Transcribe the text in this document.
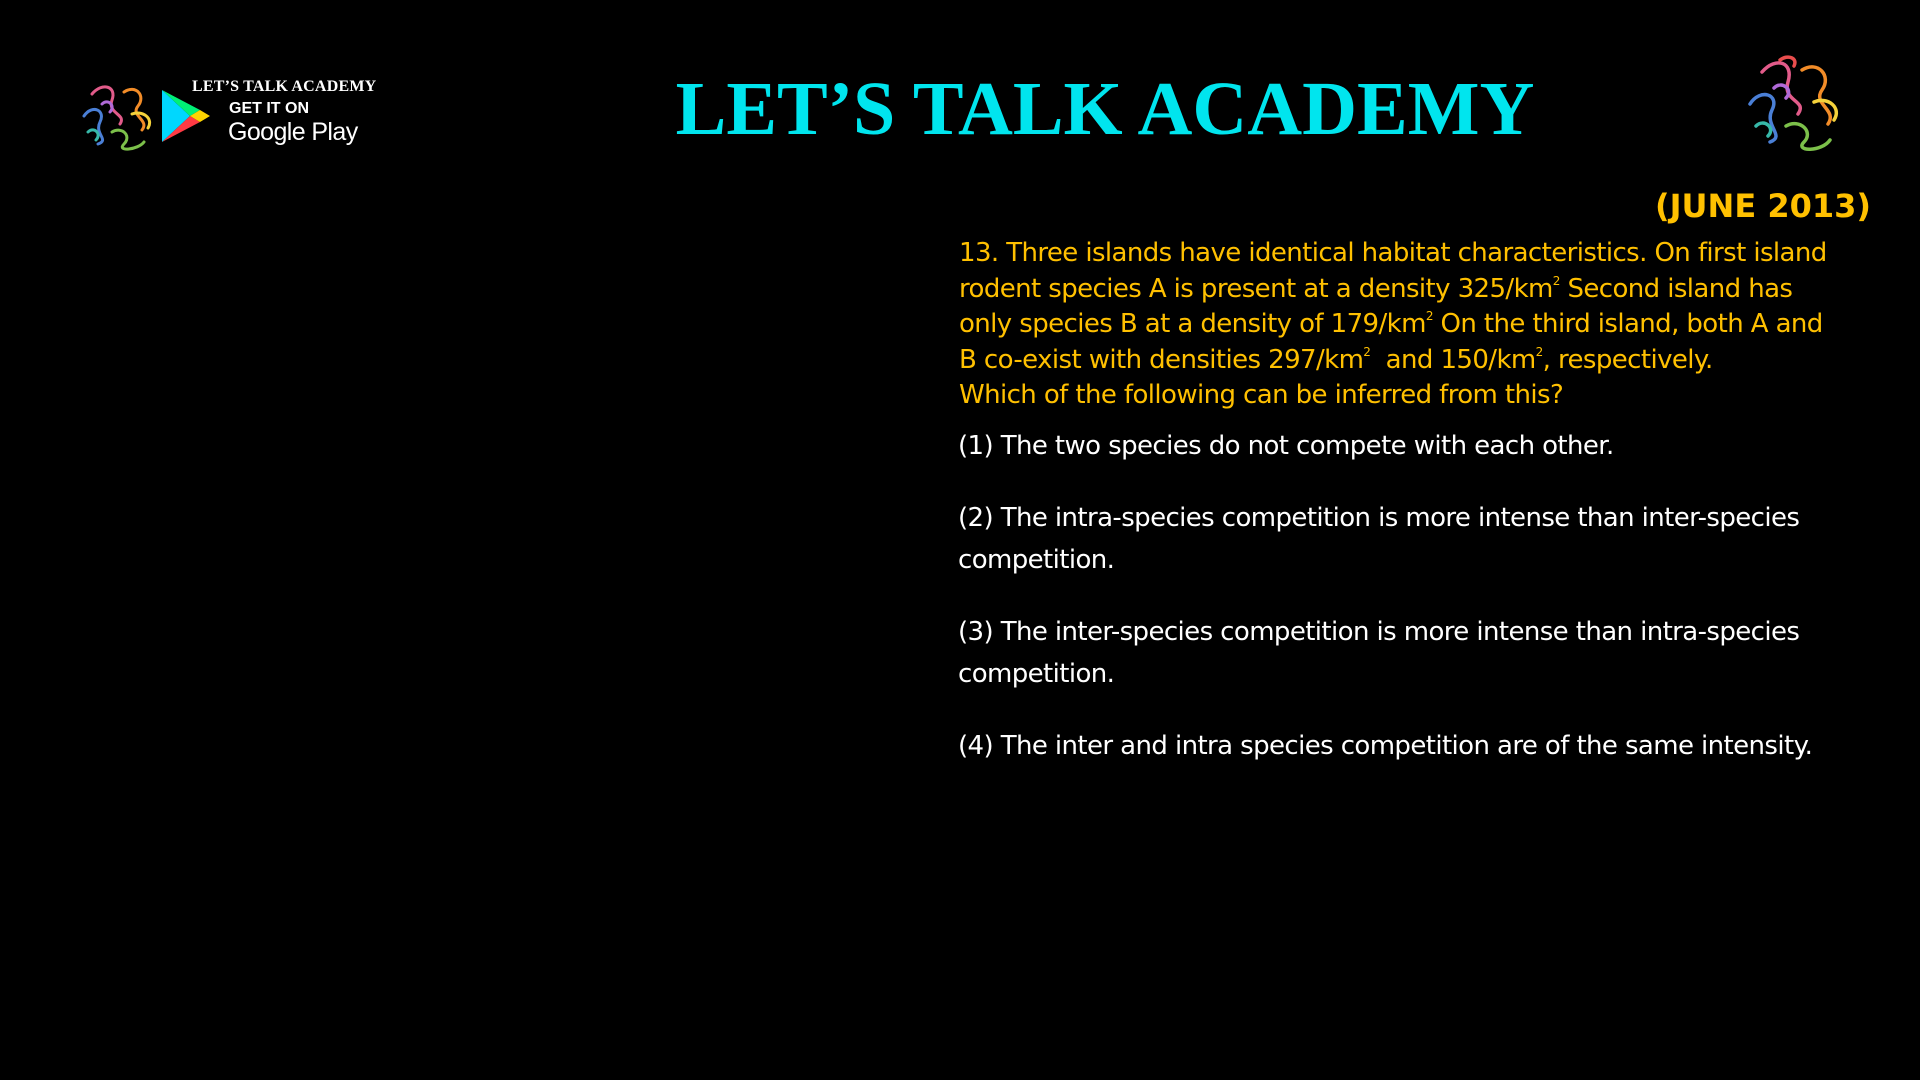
LET’S TALK ACADEMY
GET IT ON
Google Play	LET’S TALK ACADEMY
(JUNE 2013)
13. Three islands have identical habitat characteristics. On first island
rodent species A is present at a density $325/km^2$ Second island has
only species B at a density of $179/km^2$ On the third island, both A and
B co-exist with densities $297/km^2$  and $150/km^2$, respectively.
Which of the following can be inferred from this?
(1) The two species do not compete with each other.
(2) The intra-species competition is more intense than inter-species competition.
(3) The inter-species competition is more intense than intra-species competition.
(4) The inter and intra species competition are of the same intensity.
